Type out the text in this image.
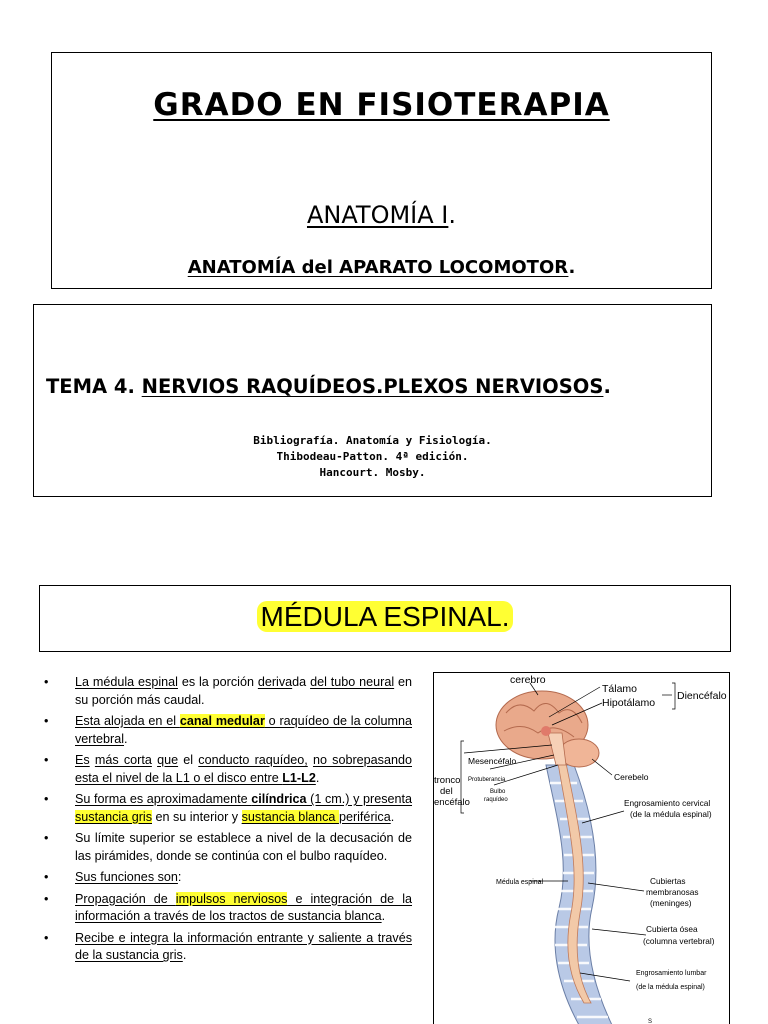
GRADO EN FISIOTERAPIA
ANATOMÍA I.
ANATOMÍA del APARATO LOCOMOTOR.
TEMA 4. NERVIOS RAQUÍDEOS.PLEXOS NERVIOSOS.
Bibliografía. Anatomía y Fisiología.
Thibodeau-Patton. 4ª edición.
Hancourt. Mosby.
MÉDULA ESPINAL.
• La médula espinal es la porción derivada del tubo neural en su porción más caudal.
• Esta alojada en el canal medular o raquídeo de la columna vertebral.
• Es más corta que el conducto raquídeo, no sobrepasando esta el nivel de la L1 o el disco entre L1-L2.
• Su forma es aproximadamente cilíndrica (1 cm.) y presenta sustancia gris en su interior y sustancia blanca periférica.
• Su límite superior se establece a nivel de la decusación de las pirámides, donde se continúa con el bulbo raquídeo.
• Sus funciones son:
• Propagación de impulsos nerviosos e integración de la información a través de los tractos de sustancia blanca.
• Recibe e integra la información entrante y saliente a través de la sustancia gris.
cerebro
Tálamo
Hipotálamo
Diencéfalo
tronco
del
encéfalo
Mesencéfalo
Protuberancia
Bulbo
raquídeo
Cerebelo
Engrosamiento cervical
(de la médula espinal)
Médula espinal	Cubiertas
membranosas
(meninges)
Cubierta ósea
(columna vertebral)
Engrosamiento lumbar
(de la médula espinal)
S
